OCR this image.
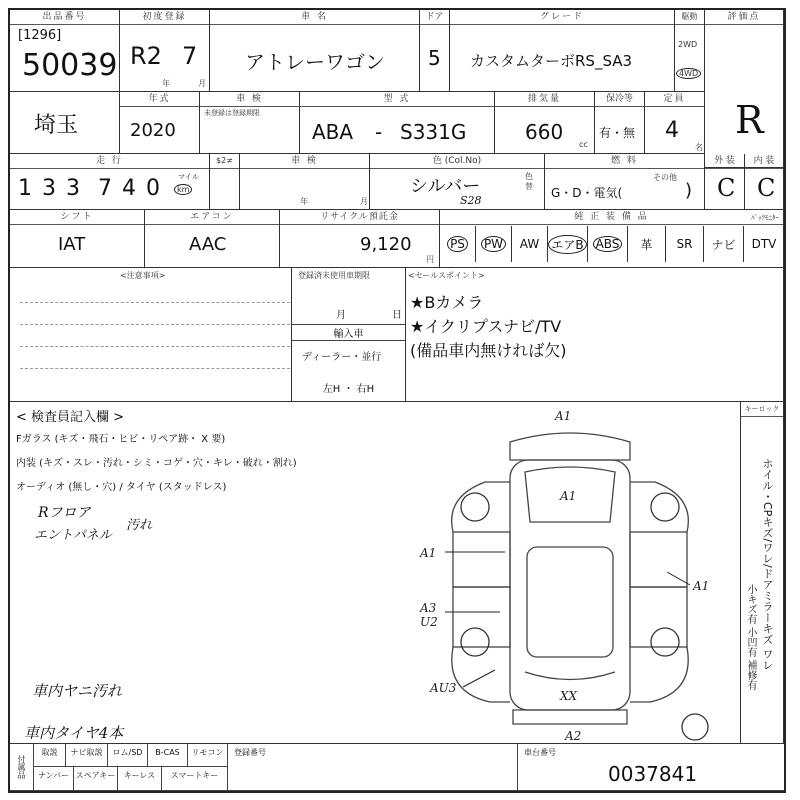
出品番号
[1296]
50039
初度登録
R2 7
年	月
車 名
アトレーワゴン
ドア
5
グレード
カスタムターボRS_SA3
駆動
2WD
4WD
評価点
R
埼玉
年式
2020
車 検
未登録は登録期限
型 式
ABA - S331G
排気量
660
cc
保冷等
有・無
定員
4
名
走 行
1 3 3 7 4 0	マイル
km
$2≠	車 検
年	月
色 (Col.No)
シルバー
S28
色替
燃 料
G・D・電気(
その他
)
外 装
C
内 装
C
シフト
IAT
エアコン
AAC
リサイクル預託金
9,120
円
純 正 装 備 品	ﾊﾞｯｸﾓﾆﾀｰ
PS PW AW エアB ABS 革 SR ナビ DTV
<注意事項>	登録済未使用車期限
月	日
輸入車
ディーラー・並行
左H ・ 右H
<セールスポイント>
★Bカメラ
★イクリプスナビ/TV
(備品車内無ければ欠)
< 検査員記入欄 >
Fガラス (キズ・飛石・ヒビ・リペア跡・ X 要)
内装 (キズ・スレ・汚れ・シミ・コゲ・穴・キレ・破れ・割れ)
オーディオ (無し・穴) / タイヤ (スタッドレス)
Rフロア
エントパネル
汚れ
車内ヤニ汚れ
車内タイヤ4本
A1
A1
A1
A1
A3
U2
AU3
XX
A2
キーロック
ホイル・CPキズ/ワレ/ドアミラーキズ ワレ
小キズ有 小凹有 補修有
付属品
取説	ナビ取説	ロム/SD	B-CAS	リモコン
ナンバー スペアキー	キーレス	スマートキー
登録番号	車台番号
0037841
